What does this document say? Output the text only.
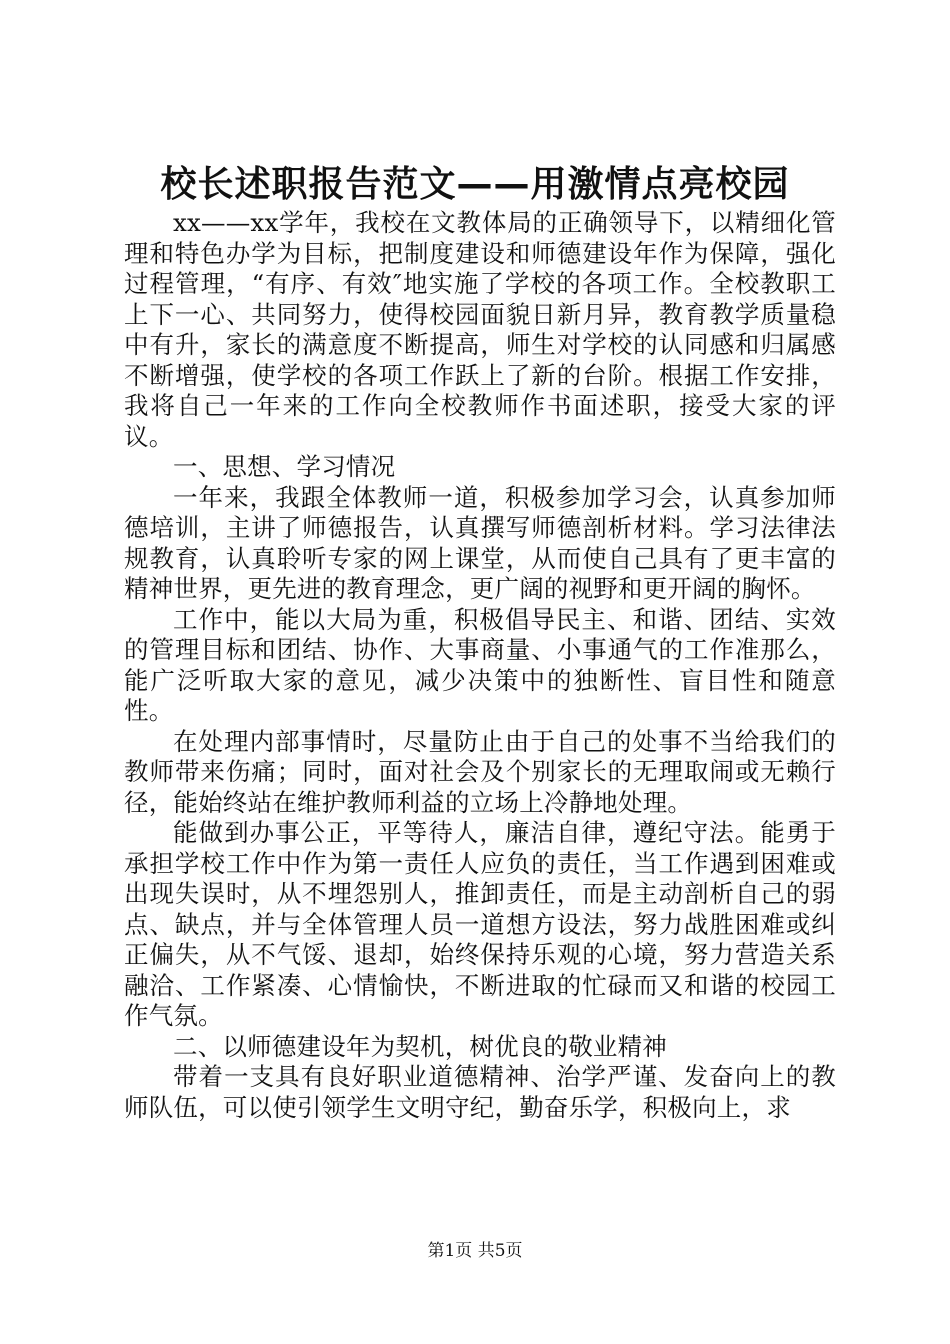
校长述职报告范文——用激情点亮校园

xx——xx学年，我校在文教体局的正确领导下，以精细化管理和特色办学为目标，把制度建设和师德建设年作为保障，强化过程管理，“有序、有效″地实施了学校的各项工作。全校教职工上下一心、共同努力，使得校园面貌日新月异，教育教学质量稳中有升，家长的满意度不断提高，师生对学校的认同感和归属感不断增强，使学校的各项工作跃上了新的台阶。根据工作安排，我将自己一年来的工作向全校教师作书面述职，接受大家的评议。

一、思想、学习情况

一年来，我跟全体教师一道，积极参加学习会，认真参加师德培训，主讲了师德报告，认真撰写师德剖析材料。学习法律法规教育，认真聆听专家的网上课堂，从而使自己具有了更丰富的精神世界，更先进的教育理念，更广阔的视野和更开阔的胸怀。

工作中，能以大局为重，积极倡导民主、和谐、团结、实效的管理目标和团结、协作、大事商量、小事通气的工作准那么，能广泛听取大家的意见，减少决策中的独断性、盲目性和随意性。

在处理内部事情时，尽量防止由于自己的处事不当给我们的教师带来伤痛；同时，面对社会及个别家长的无理取闹或无赖行径，能始终站在维护教师利益的立场上冷静地处理。

能做到办事公正，平等待人，廉洁自律，遵纪守法。能勇于承担学校工作中作为第一责任人应负的责任，当工作遇到困难或出现失误时，从不埋怨别人，推卸责任，而是主动剖析自己的弱点、缺点，并与全体管理人员一道想方设法，努力战胜困难或纠正偏失，从不气馁、退却，始终保持乐观的心境，努力营造关系融洽、工作紧凑、心情愉快，不断进取的忙碌而又和谐的校园工作气氛。

二、以师德建设年为契机，树优良的敬业精神

带着一支具有良好职业道德精神、治学严谨、发奋向上的教师队伍，可以使引领学生文明守纪，勤奋乐学，积极向上，求

第1页 共5页
